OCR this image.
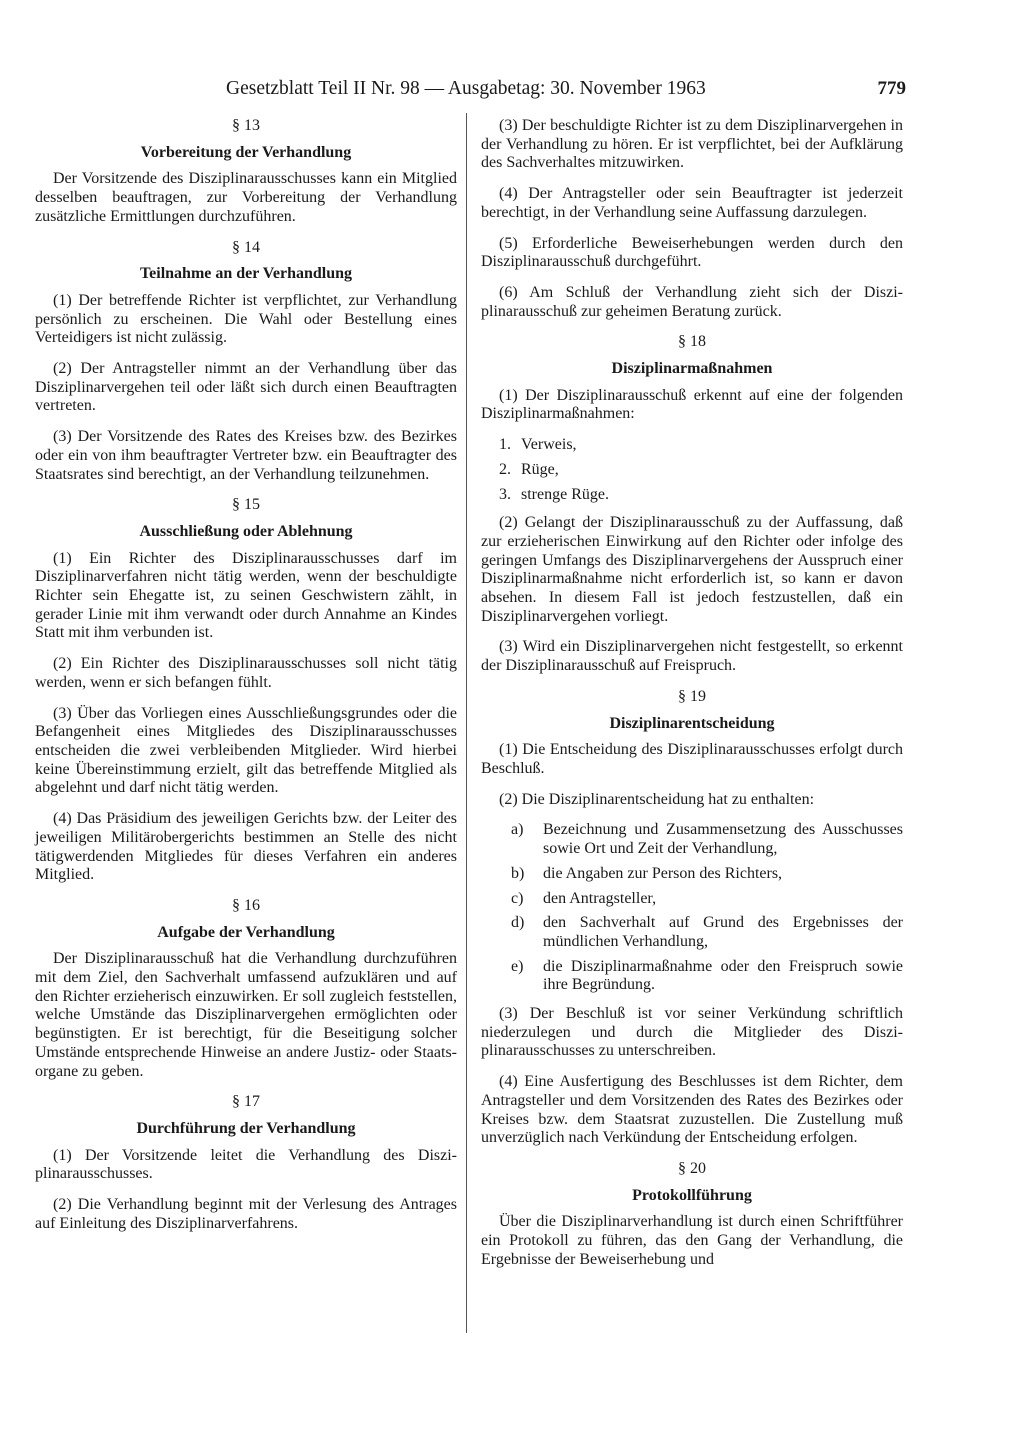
Gesetzblatt Teil II Nr. 98 — Ausgabetag: 30. November 1963	779
§ 13
Vorbereitung der Verhandlung

Der Vorsitzende des Disziplinarausschusses kann ein Mitglied desselben beauftragen, zur Vorbereitung der Verhandlung zusätzliche Ermittlungen durchzuführen.

§ 14
Teilnahme an der Verhandlung

(1) Der betreffende Richter ist verpflichtet, zur Verhandlung persönlich zu erscheinen. Die Wahl oder Bestellung eines Verteidigers ist nicht zulässig.

(2) Der Antragsteller nimmt an der Verhandlung über das Disziplinarvergehen teil oder läßt sich durch einen Beauftragten vertreten.

(3) Der Vorsitzende des Rates des Kreises bzw. des Bezirkes oder ein von ihm beauftragter Vertreter bzw. ein Beauftragter des Staatsrates sind berechtigt, an der Verhandlung teilzunehmen.

§ 15
Ausschließung oder Ablehnung

(1) Ein Richter des Disziplinarausschusses darf im Disziplinarverfahren nicht tätig werden, wenn der beschuldigte Richter sein Ehegatte ist, zu seinen Geschwistern zählt, in gerader Linie mit ihm verwandt oder durch Annahme an Kindes Statt mit ihm verbunden ist.

(2) Ein Richter des Disziplinarausschusses soll nicht tätig werden, wenn er sich befangen fühlt.

(3) Über das Vorliegen eines Ausschließungsgrundes oder die Befangenheit eines Mitgliedes des Disziplinarausschusses entscheiden die zwei verbleibenden Mitglieder. Wird hierbei keine Übereinstimmung erzielt, gilt das betreffende Mitglied als abgelehnt und darf nicht tätig werden.

(4) Das Präsidium des jeweiligen Gerichts bzw. der Leiter des jeweiligen Militärobergerichts bestimmen an Stelle des nicht tätigwerdenden Mitgliedes für dieses Verfahren ein anderes Mitglied.

§ 16
Aufgabe der Verhandlung

Der Disziplinarausschuß hat die Verhandlung durchzuführen mit dem Ziel, den Sachverhalt umfassend aufzuklären und auf den Richter erzieherisch einzuwirken. Er soll zugleich feststellen, welche Umstände das Disziplinarvergehen ermöglichten oder begünstigten. Er ist berechtigt, für die Beseitigung solcher Umstände entsprechende Hinweise an andere Justiz- oder Staatsorgane zu geben.

§ 17
Durchführung der Verhandlung

(1) Der Vorsitzende leitet die Verhandlung des Disziplinarausschusses.

(2) Die Verhandlung beginnt mit der Verlesung des Antrages auf Einleitung des Disziplinarverfahrens.

(3) Der beschuldigte Richter ist zu dem Disziplinarvergehen in der Verhandlung zu hören. Er ist verpflichtet, bei der Aufklärung des Sachverhaltes mitzuwirken.

(4) Der Antragsteller oder sein Beauftragter ist jederzeit berechtigt, in der Verhandlung seine Auffassung darzulegen.

(5) Erforderliche Beweiserhebungen werden durch den Disziplinarausschuß durchgeführt.

(6) Am Schluß der Verhandlung zieht sich der Disziplinarausschuß zur geheimen Beratung zurück.

§ 18
Disziplinarmaßnahmen

(1) Der Disziplinarausschuß erkennt auf eine der folgenden Disziplinarmaßnahmen:

1. Verweis,
2. Rüge,
3. strenge Rüge.

(2) Gelangt der Disziplinarausschuß zu der Auffassung, daß zur erzieherischen Einwirkung auf den Richter oder infolge des geringen Umfangs des Disziplinarvergehens der Ausspruch einer Disziplinarmaßnahme nicht erforderlich ist, so kann er davon absehen. In diesem Fall ist jedoch festzustellen, daß ein Disziplinarvergehen vorliegt.

(3) Wird ein Disziplinarvergehen nicht festgestellt, so erkennt der Disziplinarausschuß auf Freispruch.

§ 19
Disziplinarentscheidung

(1) Die Entscheidung des Disziplinarausschusses erfolgt durch Beschluß.

(2) Die Disziplinarentscheidung hat zu enthalten:

a)	Bezeichnung und Zusammensetzung des Ausschusses sowie Ort und Zeit der Verhandlung,
b)	die Angaben zur Person des Richters,
c)	den Antragsteller,
d)	den Sachverhalt auf Grund des Ergebnisses der mündlichen Verhandlung,
e)	die Disziplinarmaßnahme oder den Freispruch sowie ihre Begründung.

(3) Der Beschluß ist vor seiner Verkündung schriftlich niederzulegen und durch die Mitglieder des Disziplinarausschusses zu unterschreiben.

(4) Eine Ausfertigung des Beschlusses ist dem Richter, dem Antragsteller und dem Vorsitzenden des Rates des Bezirkes oder Kreises bzw. dem Staatsrat zuzustellen. Die Zustellung muß unverzüglich nach Verkündung der Entscheidung erfolgen.

§ 20
Protokollführung

Über die Disziplinarverhandlung ist durch einen Schriftführer ein Protokoll zu führen, das den Gang der Verhandlung, die Ergebnisse der Beweiserhebung und
